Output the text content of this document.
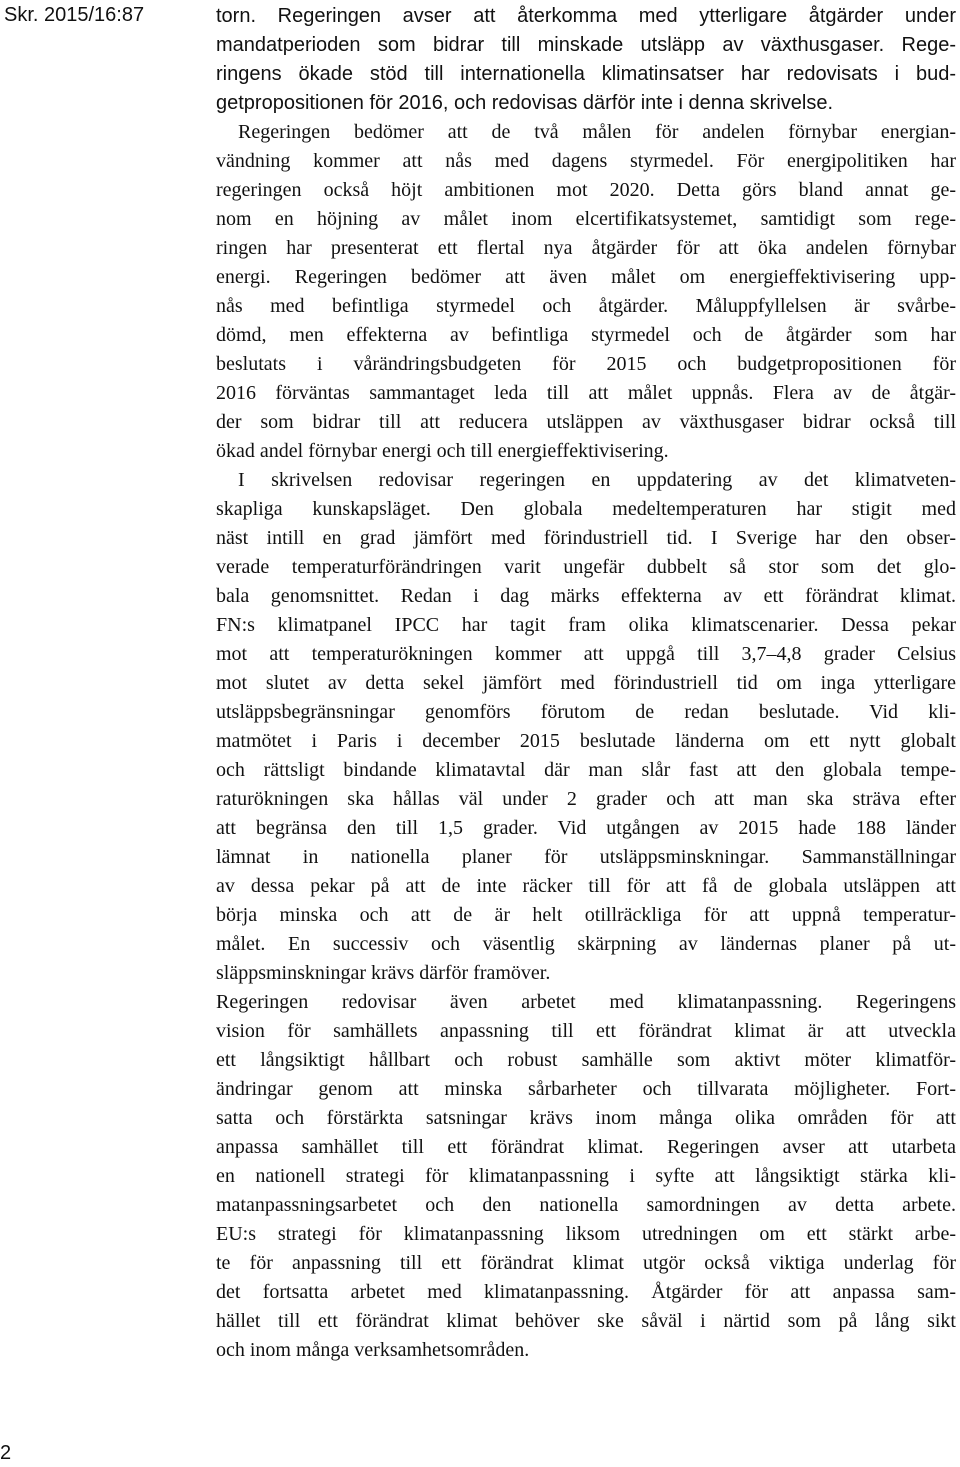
Skr. 2015/16:87	torn. Regeringen avser att återkomma med ytterligare åtgärder under
mandatperioden som bidrar till minskade utsläpp av växthusgaser. Rege-
ringens ökade stöd till internationella klimatinsatser har redovisats i bud-
getpropositionen för 2016, och redovisas därför inte i denna skrivelse.
Regeringen bedömer att de två målen för andelen förnybar energian-
vändning kommer att nås med dagens styrmedel. För energipolitiken har
regeringen också höjt ambitionen mot 2020. Detta görs bland annat ge-
nom en höjning av målet inom elcertifikatsystemet, samtidigt som rege-
ringen har presenterat ett flertal nya åtgärder för att öka andelen förnybar
energi. Regeringen bedömer att även målet om energieffektivisering upp-
nås med befintliga styrmedel och åtgärder. Måluppfyllelsen är svårbe-
dömd, men effekterna av befintliga styrmedel och de åtgärder som har
beslutats i vårändringsbudgeten för 2015 och budgetpropositionen för
2016 förväntas sammantaget leda till att målet uppnås. Flera av de åtgär-
der som bidrar till att reducera utsläppen av växthusgaser bidrar också till
ökad andel förnybar energi och till energieffektivisering.
I skrivelsen redovisar regeringen en uppdatering av det klimatveten-
skapliga kunskapsläget. Den globala medeltemperaturen har stigit med
näst intill en grad jämfört med förindustriell tid. I Sverige har den obser-
verade temperaturförändringen varit ungefär dubbelt så stor som det glo-
bala genomsnittet. Redan i dag märks effekterna av ett förändrat klimat.
FN:s klimatpanel IPCC har tagit fram olika klimatscenarier. Dessa pekar
mot att temperaturökningen kommer att uppgå till 3,7–4,8 grader Celsius
mot slutet av detta sekel jämfört med förindustriell tid om inga ytterligare
utsläppsbegränsningar genomförs förutom de redan beslutade. Vid kli-
matmötet i Paris i december 2015 beslutade länderna om ett nytt globalt
och rättsligt bindande klimatavtal där man slår fast att den globala tempe-
raturökningen ska hållas väl under 2 grader och att man ska sträva efter
att begränsa den till 1,5 grader. Vid utgången av 2015 hade 188 länder
lämnat in nationella planer för utsläppsminskningar. Sammanställningar
av dessa pekar på att de inte räcker till för att få de globala utsläppen att
börja minska och att de är helt otillräckliga för att uppnå temperatur-
målet. En successiv och väsentlig skärpning av ländernas planer på ut-
släppsminskningar krävs därför framöver.
Regeringen redovisar även arbetet med klimatanpassning. Regeringens
vision för samhällets anpassning till ett förändrat klimat är att utveckla
ett långsiktigt hållbart och robust samhälle som aktivt möter klimatför-
ändringar genom att minska sårbarheter och tillvarata möjligheter. Fort-
satta och förstärkta satsningar krävs inom många olika områden för att
anpassa samhället till ett förändrat klimat. Regeringen avser att utarbeta
en nationell strategi för klimatanpassning i syfte att långsiktigt stärka kli-
matanpassningsarbetet och den nationella samordningen av detta arbete.
EU:s strategi för klimatanpassning liksom utredningen om ett stärkt arbe-
te för anpassning till ett förändrat klimat utgör också viktiga underlag för
det fortsatta arbetet med klimatanpassning. Åtgärder för att anpassa sam-
hället till ett förändrat klimat behöver ske såväl i närtid som på lång sikt
och inom många verksamhetsområden.
2
